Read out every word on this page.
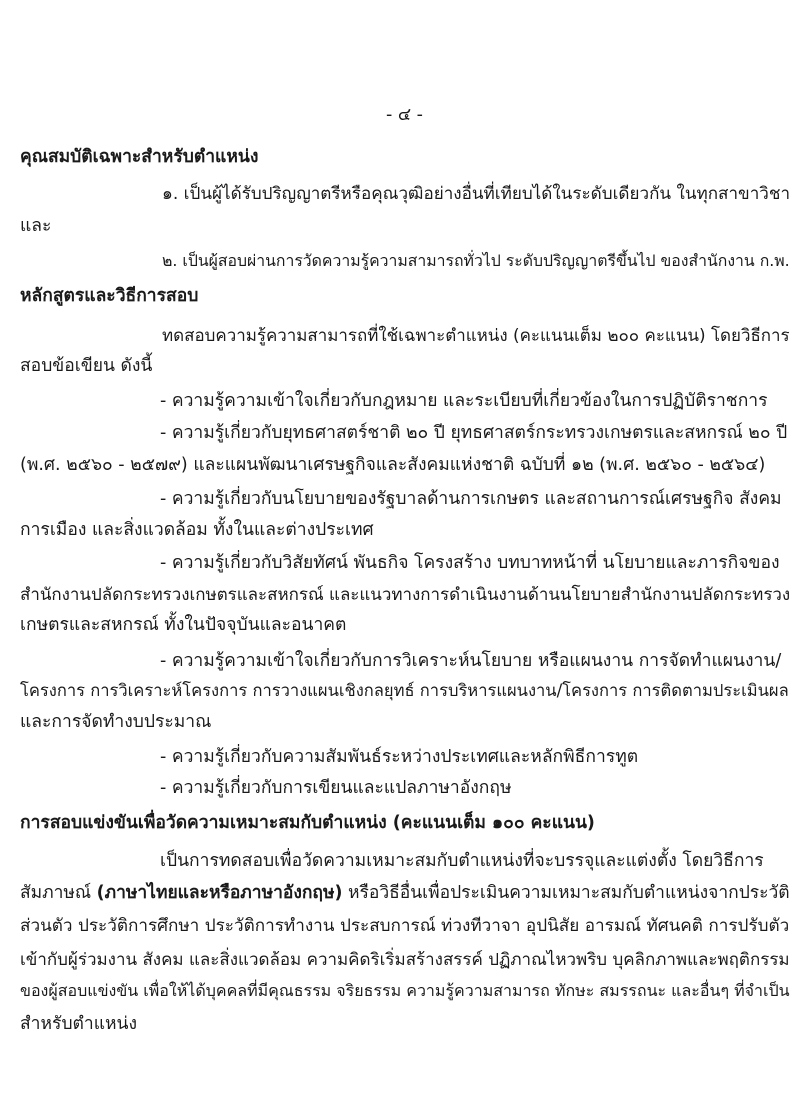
- ๔ -
คุณสมบัติเฉพาะสำหรับตำแหน่ง
๑. เป็นผู้ได้รับปริญญาตรีหรือคุณวุฒิอย่างอื่นที่เทียบได้ในระดับเดียวกัน ในทุกสาขาวิชา
และ
๒. เป็นผู้สอบผ่านการวัดความรู้ความสามารถทั่วไป ระดับปริญญาตรีขึ้นไป ของสำนักงาน ก.พ.
หลักสูตรและวิธีการสอบ
ทดสอบความรู้ความสามารถที่ใช้เฉพาะตำแหน่ง (คะแนนเต็ม ๒๐๐ คะแนน) โดยวิธีการ
สอบข้อเขียน ดังนี้
- ความรู้ความเข้าใจเกี่ยวกับกฎหมาย และระเบียบที่เกี่ยวข้องในการปฏิบัติราชการ
- ความรู้เกี่ยวกับยุทธศาสตร์ชาติ ๒๐ ปี ยุทธศาสตร์กระทรวงเกษตรและสหกรณ์ ๒๐ ปี
(พ.ศ. ๒๕๖๐ - ๒๕๗๙) และแผนพัฒนาเศรษฐกิจและสังคมแห่งชาติ ฉบับที่ ๑๒ (พ.ศ. ๒๕๖๐ - ๒๕๖๔)
- ความรู้เกี่ยวกับนโยบายของรัฐบาลด้านการเกษตร และสถานการณ์เศรษฐกิจ สังคม
การเมือง และสิ่งแวดล้อม ทั้งในและต่างประเทศ
- ความรู้เกี่ยวกับวิสัยทัศน์ พันธกิจ โครงสร้าง บทบาทหน้าที่ นโยบายและภารกิจของ
สำนักงานปลัดกระทรวงเกษตรและสหกรณ์ และแนวทางการดำเนินงานด้านนโยบายสำนักงานปลัดกระทรวง
เกษตรและสหกรณ์ ทั้งในปัจจุบันและอนาคต
- ความรู้ความเข้าใจเกี่ยวกับการวิเคราะห์นโยบาย หรือแผนงาน การจัดทำแผนงาน/
โครงการ การวิเคราะห์โครงการ การวางแผนเชิงกลยุทธ์ การบริหารแผนงาน/โครงการ การติดตามประเมินผล
และการจัดทำงบประมาณ
- ความรู้เกี่ยวกับความสัมพันธ์ระหว่างประเทศและหลักพิธีการทูต
- ความรู้เกี่ยวกับการเขียนและแปลภาษาอังกฤษ
การสอบแข่งขันเพื่อวัดความเหมาะสมกับตำแหน่ง (คะแนนเต็ม ๑๐๐ คะแนน)
เป็นการทดสอบเพื่อวัดความเหมาะสมกับตำแหน่งที่จะบรรจุและแต่งตั้ง โดยวิธีการ
สัมภาษณ์ (ภาษาไทยและหรือภาษาอังกฤษ) หรือวิธีอื่นเพื่อประเมินความเหมาะสมกับตำแหน่งจากประวัติ
ส่วนตัว ประวัติการศึกษา ประวัติการทำงาน ประสบการณ์ ท่วงทีวาจา อุปนิสัย อารมณ์ ทัศนคติ การปรับตัว
เข้ากับผู้ร่วมงาน สังคม และสิ่งแวดล้อม ความคิดริเริ่มสร้างสรรค์ ปฏิภาณไหวพริบ บุคลิกภาพและพฤติกรรม
ของผู้สอบแข่งขัน เพื่อให้ได้บุคคลที่มีคุณธรรม จริยธรรม ความรู้ความสามารถ ทักษะ สมรรถนะ และอื่นๆ ที่จำเป็น
สำหรับตำแหน่ง
